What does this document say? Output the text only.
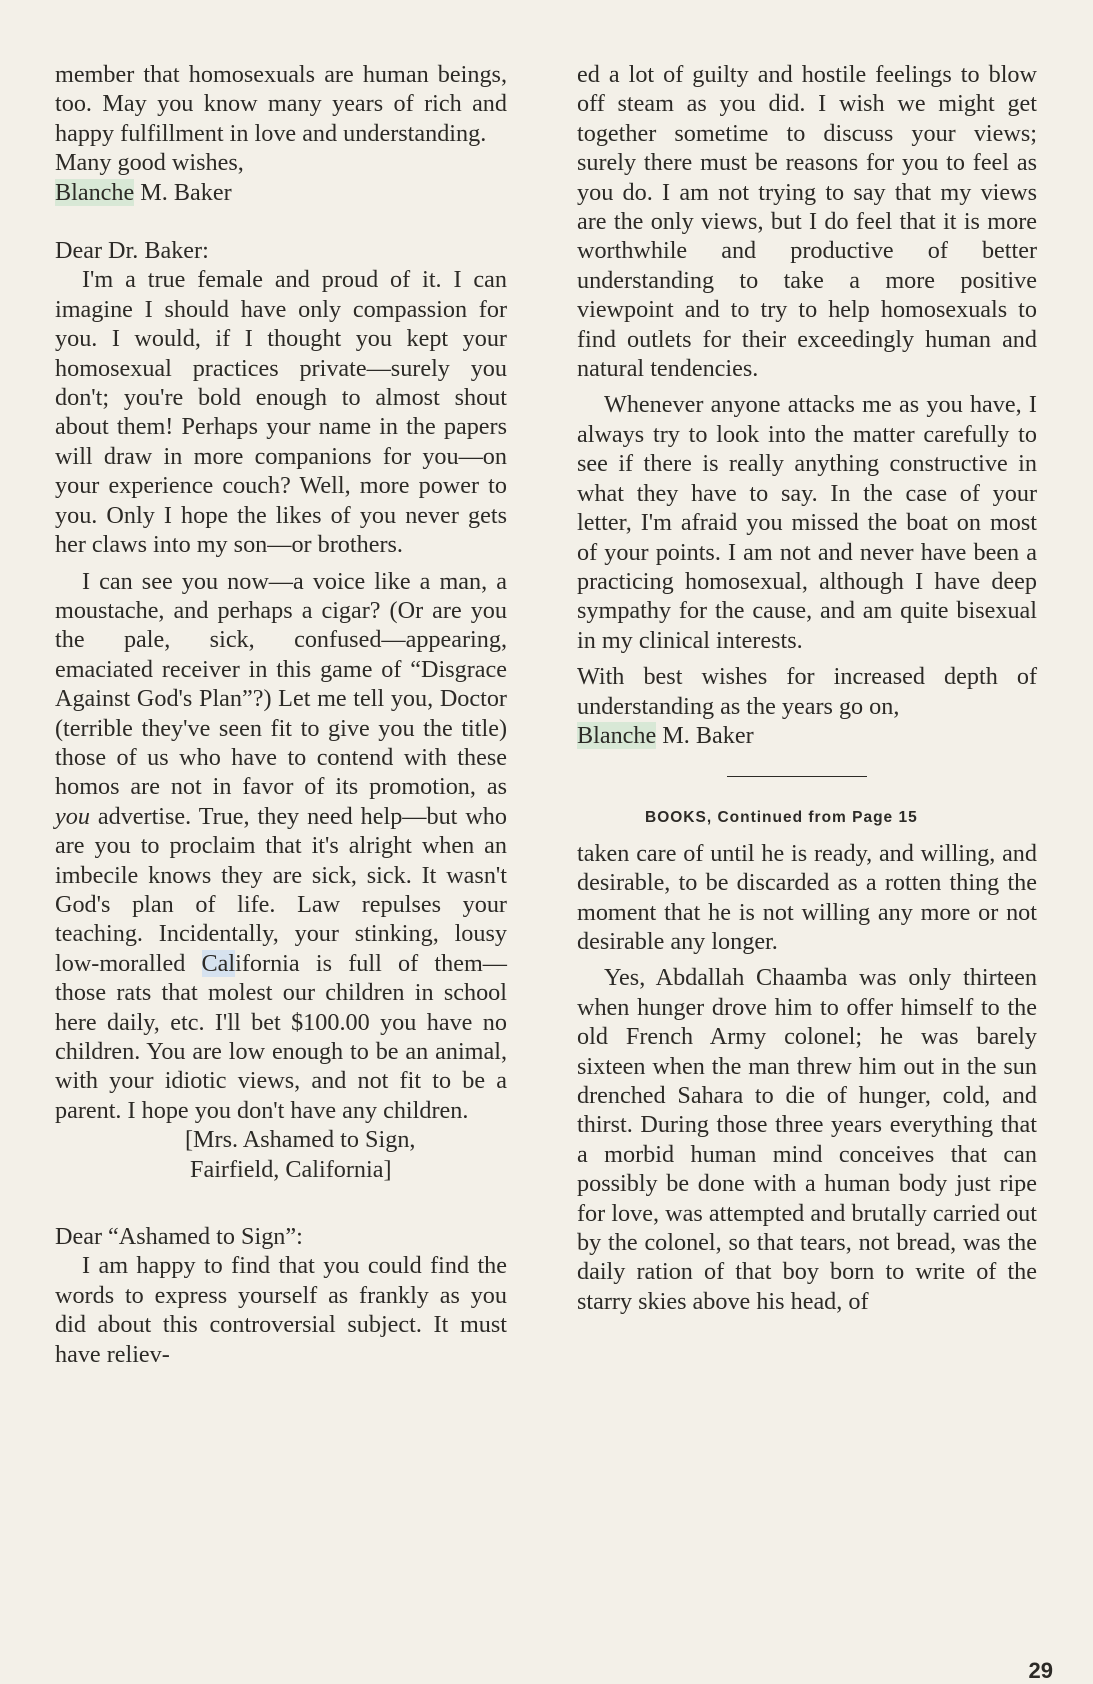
member that homosexuals are human beings, too. May you know many years of rich and happy fulfillment in love and understanding.

Many good wishes,

Blanche M. Baker

Dear Dr. Baker:

I'm a true female and proud of it. I can imagine I should have only compassion for you. I would, if I thought you kept your homosexual practices private—surely you don't; you're bold enough to almost shout about them! Perhaps your name in the papers will draw in more companions for you—on your experience couch? Well, more power to you. Only I hope the likes of you never gets her claws into my son—or brothers.

I can see you now—a voice like a man, a moustache, and perhaps a cigar? (Or are you the pale, sick, confused—appearing, emaciated receiver in this game of “Disgrace Against God's Plan”?) Let me tell you, Doctor (terrible they've seen fit to give you the title) those of us who have to contend with these homos are not in favor of its promotion, as you advertise. True, they need help—but who are you to proclaim that it's alright when an imbecile knows they are sick, sick. It wasn't God's plan of life. Law repulses your teaching. Incidentally, your stinking, lousy low-moralled California is full of them—those rats that molest our children in school here daily, etc. I'll bet $100.00 you have no children. You are low enough to be an animal, with your idiotic views, and not fit to be a parent. I hope you don't have any children.

[Mrs. Ashamed to Sign,

Fairfield, California]

Dear “Ashamed to Sign”:

I am happy to find that you could find the words to express yourself as frankly as you did about this controversial subject. It must have reliev-

ed a lot of guilty and hostile feelings to blow off steam as you did. I wish we might get together sometime to discuss your views; surely there must be reasons for you to feel as you do. I am not trying to say that my views are the only views, but I do feel that it is more worthwhile and productive of better understanding to take a more positive viewpoint and to try to help homosexuals to find outlets for their exceedingly human and natural tendencies.

Whenever anyone attacks me as you have, I always try to look into the matter carefully to see if there is really anything constructive in what they have to say. In the case of your letter, I'm afraid you missed the boat on most of your points. I am not and never have been a practicing homosexual, although I have deep sympathy for the cause, and am quite bisexual in my clinical interests.

With best wishes for increased depth of understanding as the years go on,

Blanche M. Baker

BOOKS, Continued from Page 15

taken care of until he is ready, and willing, and desirable, to be discarded as a rotten thing the moment that he is not willing any more or not desirable any longer.

Yes, Abdallah Chaamba was only thirteen when hunger drove him to offer himself to the old French Army colonel; he was barely sixteen when the man threw him out in the sun drenched Sahara to die of hunger, cold, and thirst. During those three years everything that a morbid human mind conceives that can possibly be done with a human body just ripe for love, was attempted and brutally carried out by the colonel, so that tears, not bread, was the daily ration of that boy born to write of the starry skies above his head, of

29
